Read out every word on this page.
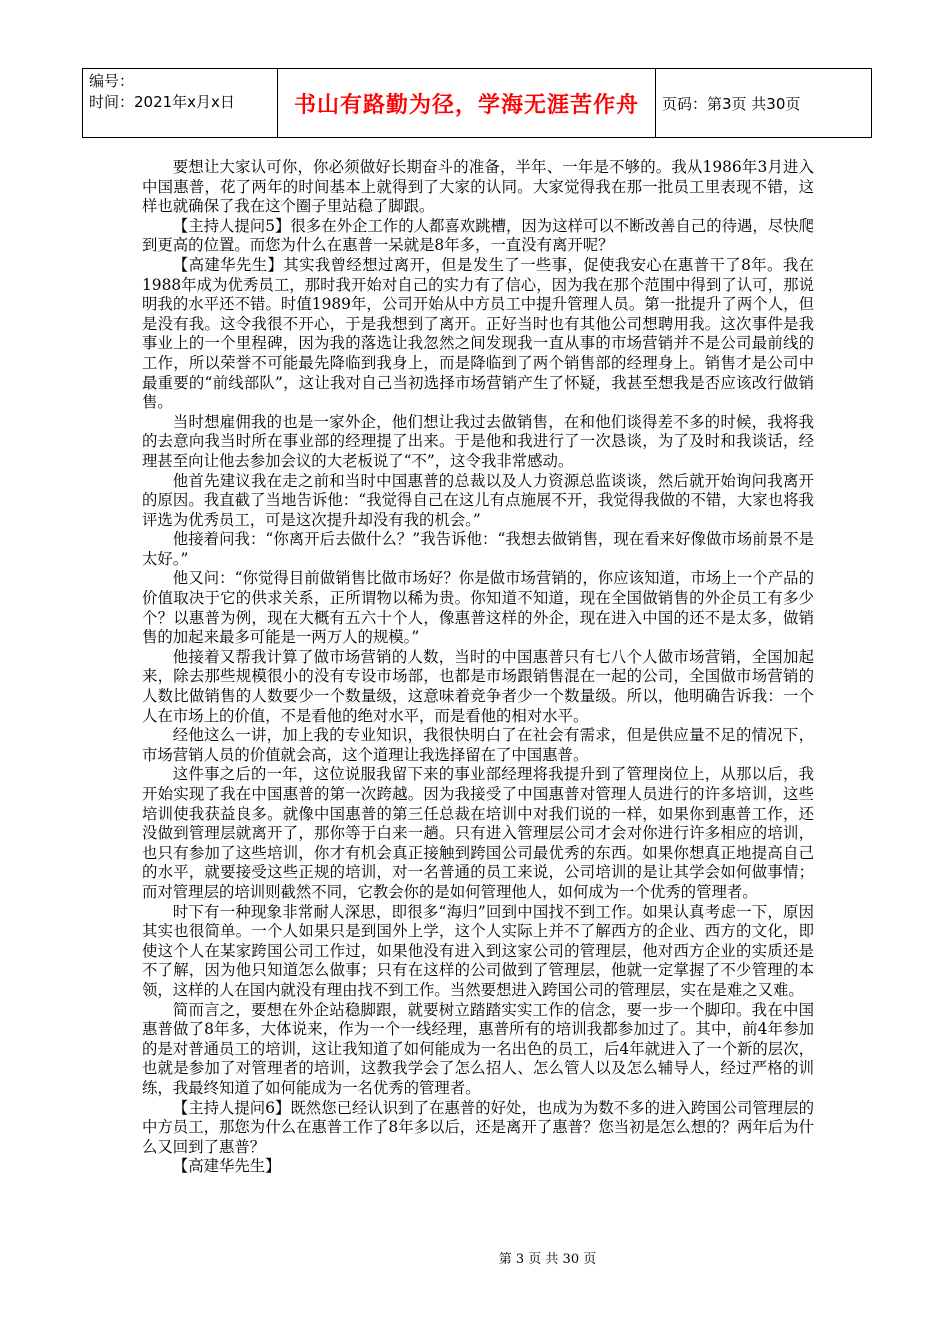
编号：
时间：2021年x月x日	书山有路勤为径，学海无涯苦作舟	页码：第3页 共30页

要想让大家认可你，你必须做好长期奋斗的准备，半年、一年是不够的。我从1986年3月进入中国惠普，花了两年的时间基本上就得到了大家的认同。大家觉得我在那一批员工里表现不错，这样也就确保了我在这个圈子里站稳了脚跟。

【主持人提问5】很多在外企工作的人都喜欢跳槽，因为这样可以不断改善自己的待遇，尽快爬到更高的位置。而您为什么在惠普一呆就是8年多，一直没有离开呢？

【高建华先生】其实我曾经想过离开，但是发生了一些事，促使我安心在惠普干了8年。我在1988年成为优秀员工，那时我开始对自己的实力有了信心，因为我在那个范围中得到了认可，那说明我的水平还不错。时值1989年，公司开始从中方员工中提升管理人员。第一批提升了两个人，但是没有我。这令我很不开心，于是我想到了离开。正好当时也有其他公司想聘用我。这次事件是我事业上的一个里程碑，因为我的落选让我忽然之间发现我一直从事的市场营销并不是公司最前线的工作，所以荣誉不可能最先降临到我身上，而是降临到了两个销售部的经理身上。销售才是公司中最重要的“前线部队”，这让我对自己当初选择市场营销产生了怀疑，我甚至想我是否应该改行做销售。

当时想雇佣我的也是一家外企，他们想让我过去做销售，在和他们谈得差不多的时候，我将我的去意向我当时所在事业部的经理提了出来。于是他和我进行了一次恳谈，为了及时和我谈话，经理甚至向让他去参加会议的大老板说了“不”，这令我非常感动。

他首先建议我在走之前和当时中国惠普的总裁以及人力资源总监谈谈，然后就开始询问我离开的原因。我直截了当地告诉他：“我觉得自己在这儿有点施展不开，我觉得我做的不错，大家也将我评选为优秀员工，可是这次提升却没有我的机会。”

他接着问我：“你离开后去做什么？”我告诉他：“我想去做销售，现在看来好像做市场前景不是太好。”

他又问：“你觉得目前做销售比做市场好？你是做市场营销的，你应该知道，市场上一个产品的价值取决于它的供求关系，正所谓物以稀为贵。你知道不知道，现在全国做销售的外企员工有多少个？以惠普为例，现在大概有五六十个人，像惠普这样的外企，现在进入中国的还不是太多，做销售的加起来最多可能是一两万人的规模。”

他接着又帮我计算了做市场营销的人数，当时的中国惠普只有七八个人做市场营销，全国加起来，除去那些规模很小的没有专设市场部，也都是市场跟销售混在一起的公司，全国做市场营销的人数比做销售的人数要少一个数量级，这意味着竞争者少一个数量级。所以，他明确告诉我：一个人在市场上的价值，不是看他的绝对水平，而是看他的相对水平。

经他这么一讲，加上我的专业知识，我很快明白了在社会有需求，但是供应量不足的情况下，市场营销人员的价值就会高，这个道理让我选择留在了中国惠普。

这件事之后的一年，这位说服我留下来的事业部经理将我提升到了管理岗位上，从那以后，我开始实现了我在中国惠普的第一次跨越。因为我接受了中国惠普对管理人员进行的许多培训，这些培训使我获益良多。就像中国惠普的第三任总裁在培训中对我们说的一样，如果你到惠普工作，还没做到管理层就离开了，那你等于白来一趟。只有进入管理层公司才会对你进行许多相应的培训，也只有参加了这些培训，你才有机会真正接触到跨国公司最优秀的东西。如果你想真正地提高自己的水平，就要接受这些正规的培训，对一名普通的员工来说，公司培训的是让其学会如何做事情；而对管理层的培训则截然不同，它教会你的是如何管理他人，如何成为一个优秀的管理者。

时下有一种现象非常耐人深思，即很多“海归”回到中国找不到工作。如果认真考虑一下，原因其实也很简单。一个人如果只是到国外上学，这个人实际上并不了解西方的企业、西方的文化，即使这个人在某家跨国公司工作过，如果他没有进入到这家公司的管理层，他对西方企业的实质还是不了解，因为他只知道怎么做事；只有在这样的公司做到了管理层，他就一定掌握了不少管理的本领，这样的人在国内就没有理由找不到工作。当然要想进入跨国公司的管理层，实在是难之又难。

简而言之，要想在外企站稳脚跟，就要树立踏踏实实工作的信念，要一步一个脚印。我在中国惠普做了8年多，大体说来，作为一个一线经理，惠普所有的培训我都参加过了。其中，前4年参加的是对普通员工的培训，这让我知道了如何能成为一名出色的员工，后4年就进入了一个新的层次，也就是参加了对管理者的培训，这教我学会了怎么招人、怎么管人以及怎么辅导人，经过严格的训练，我最终知道了如何能成为一名优秀的管理者。

【主持人提问6】既然您已经认识到了在惠普的好处，也成为为数不多的进入跨国公司管理层的中方员工，那您为什么在惠普工作了8年多以后，还是离开了惠普？您当初是怎么想的？两年后为什么又回到了惠普？

【高建华先生】

第 3 页 共 30 页
